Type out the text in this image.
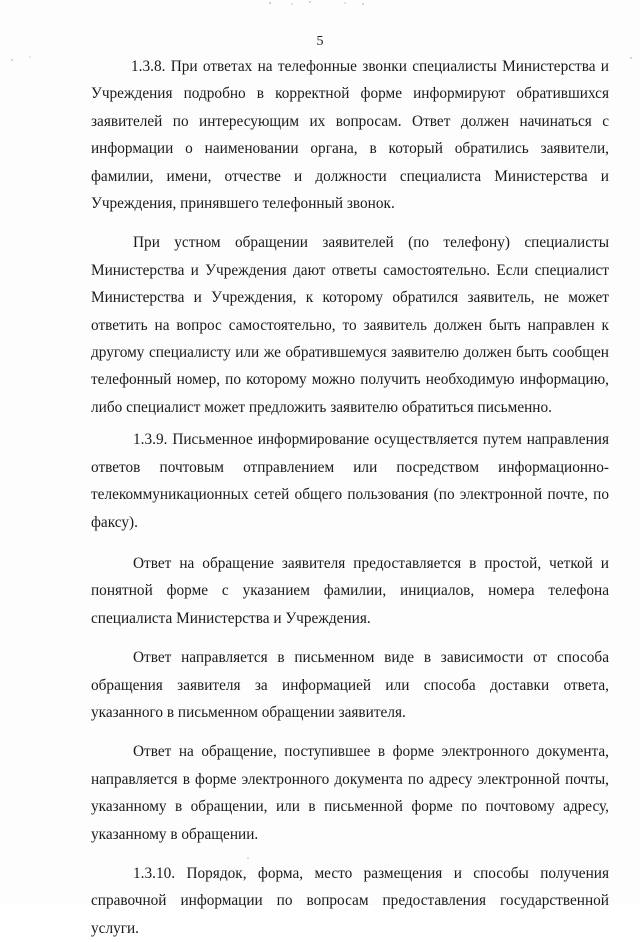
5

1.3.8. При ответах на телефонные звонки специалисты Министерства и Учреждения подробно в корректной форме информируют обратившихся заявителей по интересующим их вопросам. Ответ должен начинаться с информации о наименовании органа, в который обратились заявители, фамилии, имени, отчестве и должности специалиста Министерства и Учреждения, принявшего телефонный звонок.

При устном обращении заявителей (по телефону) специалисты Министерства и Учреждения дают ответы самостоятельно. Если специалист Министерства и Учреждения, к которому обратился заявитель, не может ответить на вопрос самостоятельно, то заявитель должен быть направлен к другому специалисту или же обратившемуся заявителю должен быть сообщен телефонный номер, по которому можно получить необходимую информацию, либо специалист может предложить заявителю обратиться письменно.

1.3.9. Письменное информирование осуществляется путем направления ответов почтовым отправлением или посредством информационно-телекоммуникационных сетей общего пользования (по электронной почте, по факсу).

Ответ на обращение заявителя предоставляется в простой, четкой и понятной форме с указанием фамилии, инициалов, номера телефона специалиста Министерства и Учреждения.

Ответ направляется в письменном виде в зависимости от способа обращения заявителя за информацией или способа доставки ответа, указанного в письменном обращении заявителя.

Ответ на обращение, поступившее в форме электронного документа, направляется в форме электронного документа по адресу электронной почты, указанному в обращении, или в письменной форме по почтовому адресу, указанному в обращении.

1.3.10. Порядок, форма, место размещения и способы получения справочной информации по вопросам предоставления государственной услуги.
